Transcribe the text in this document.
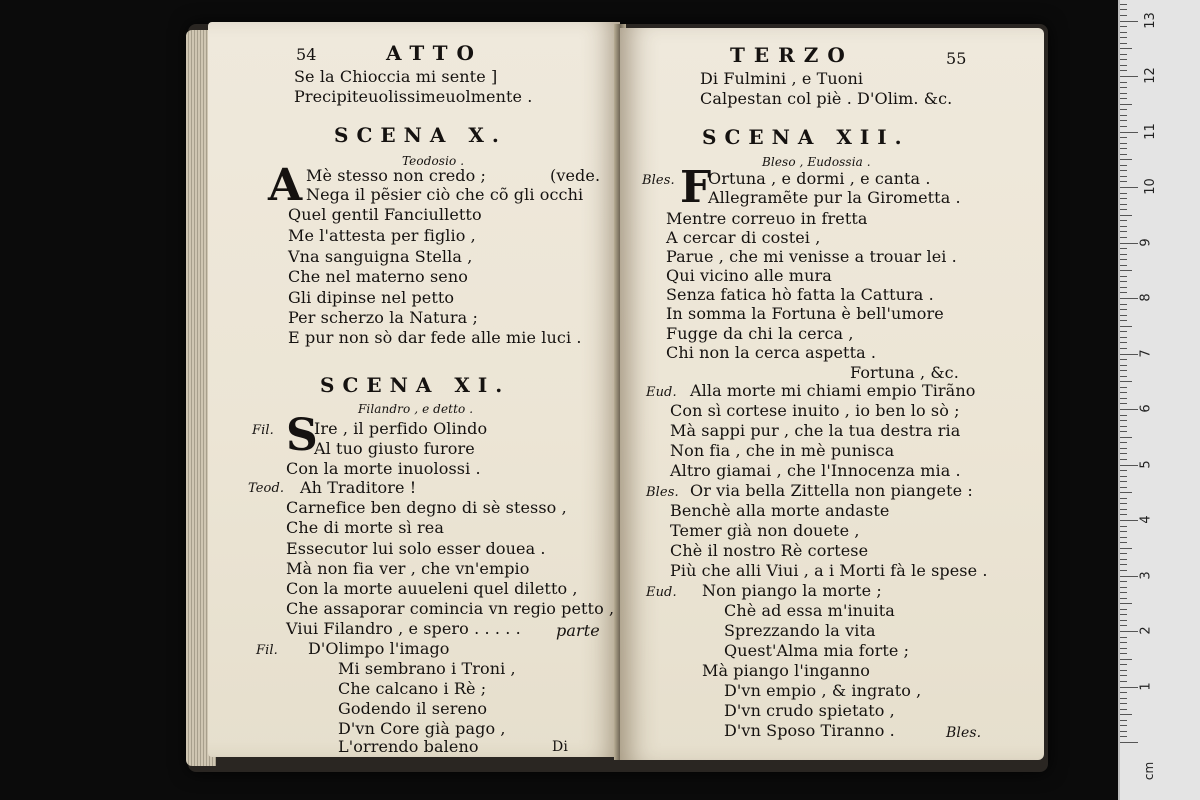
54	ATTO
Se la Chioccia mi sente ]
Precipiteuolissimeuolmente .
SCENA X.
Teodosio .
A Mè stesso non credo ;	(vede.
Nega il pẽsier ciò che cõ gli occhi
Quel gentil Fanciulletto
Me l'attesta per figlio ,
Vna sanguigna Stella ,
Che nel materno seno
Gli dipinse nel petto
Per scherzo la Natura ;
E pur non sò dar fede alle mie luci .
SCENA XI.
Filandro , e detto .
Fil. S
Ire , il perfido Olindo
Al tuo giusto furore
Con la morte inuolossi .
Teod. Ah Traditore !
Carnefice ben degno di sè stesso ,
Che di morte sì rea
Essecutor lui solo esser douea .
Mà non fia ver , che vn'empio
Con la morte auueleni quel diletto ,
Che assaporar comincia vn regio petto ,
Viui Filandro , e spero . . . . . parte
Fil. D'Olimpo l'imago
Mi sembrano i Troni ,
Che calcano i Rè ;
Godendo il sereno
D'vn Core già pago ,
L'orrendo baleno	Di
TERZO	55
Di Fulmini , e Tuoni
Calpestan col piè . D'Olim. &c.
SCENA XII.
Bleso , Eudossia .
Bles. F
Ortuna , e dormi , e canta .
Allegramẽte pur la Girometta .
Mentre correuo in fretta
A cercar di costei ,
Parue , che mi venisse a trouar lei .
Qui vicino alle mura
Senza fatica hò fatta la Cattura .
In somma la Fortuna è bell'umore
Fugge da chi la cerca ,
Chi non la cerca aspetta .
Fortuna , &c.
Eud. Alla morte mi chiami empio Tirãno
Con sì cortese inuito , io ben lo sò ;
Mà sappi pur , che la tua destra ria
Non fia , che in mè punisca
Altro giamai , che l'Innocenza mia .
Bles. Or via bella Zittella non piangete :
Benchè alla morte andaste
Temer già non douete ,
Chè il nostro Rè cortese
Più che alli Viui , a i Morti fà le spese .
Eud. Non piango la morte ;
Chè ad essa m'inuita
Sprezzando la vita
Quest'Alma mia forte ;
Mà piango l'inganno
D'vn empio , & ingrato ,
D'vn crudo spietato ,
D'vn Sposo Tiranno .	Bles.
1
2
3
4
5
6
7
8
9
10
11
12
13
cm
